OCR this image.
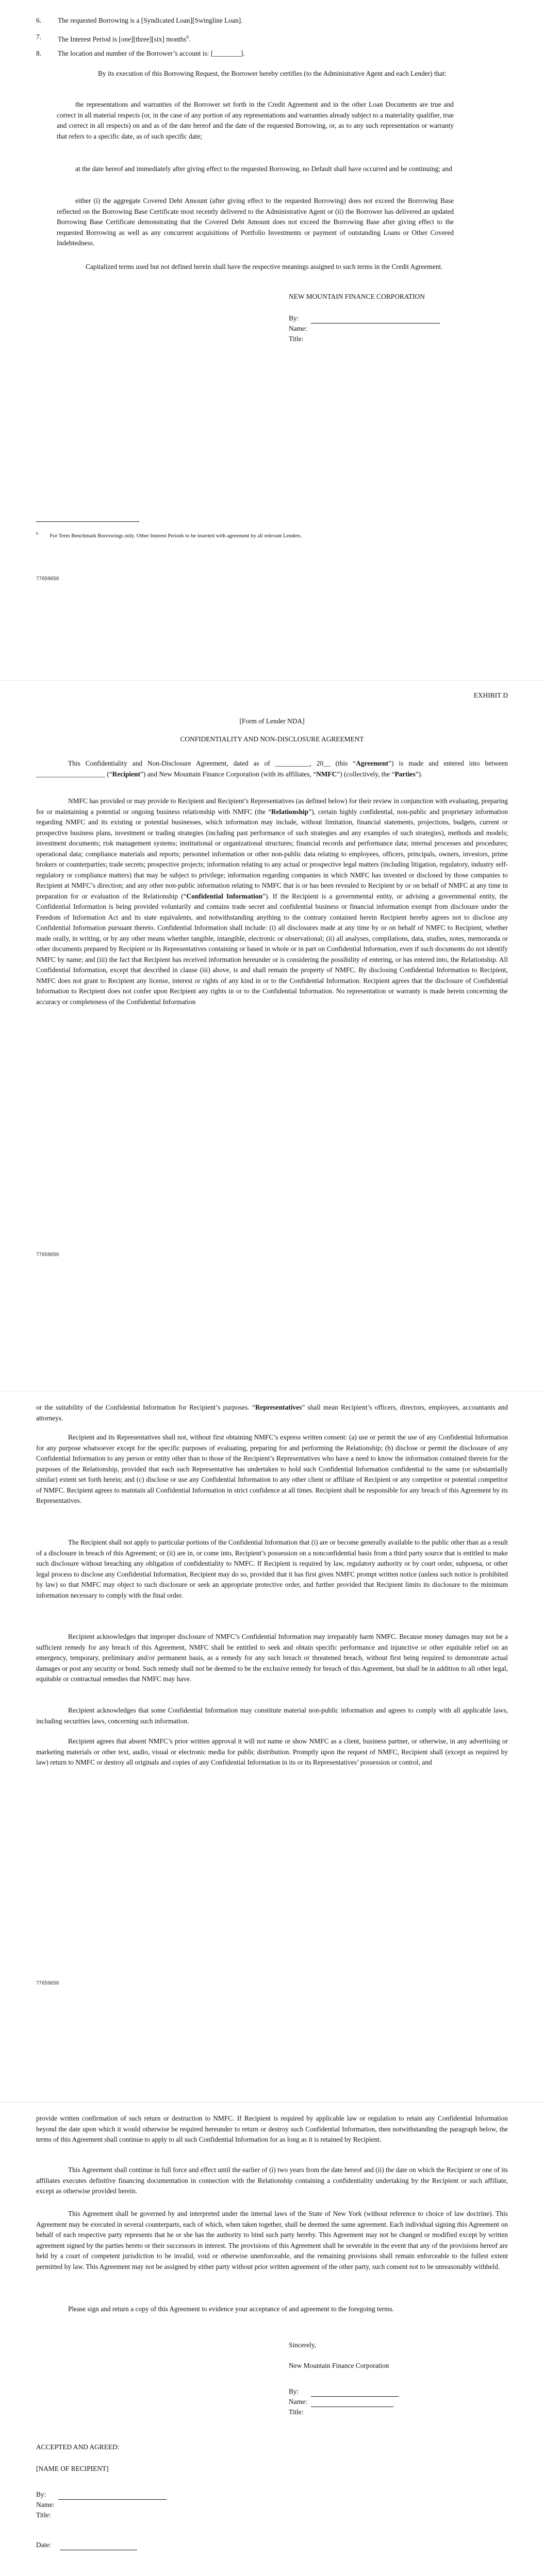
6. The requested Borrowing is a [Syndicated Loan][Swingline Loan].
7. The Interest Period is [one][three][six] months$^6$.
8. The location and number of the Borrower’s account is: [________].

By its execution of this Borrowing Request, the Borrower hereby certifies (to the Administrative Agent and each Lender) that:

the representations and warranties of the Borrower set forth in the Credit Agreement and in the other Loan Documents are true and correct in all material respects (or, in the case of any portion of any representations and warranties already subject to a materiality qualifier, true and correct in all respects) on and as of the date hereof and the date of the requested Borrowing, or, as to any such representation or warranty that refers to a specific date, as of such specific date;

at the date hereof and immediately after giving effect to the requested Borrowing, no Default shall have occurred and be continuing; and

either (i) the aggregate Covered Debt Amount (after giving effect to the requested Borrowing) does not exceed the Borrowing Base reflected on the Borrowing Base Certificate most recently delivered to the Administrative Agent or (ii) the Borrower has delivered an updated Borrowing Base Certificate demonstrating that the Covered Debt Amount does not exceed the Borrowing Base after giving effect to the requested Borrowing as well as any concurrent acquisitions of Portfolio Investments or payment of outstanding Loans or Other Covered Indebtedness.

Capitalized terms used but not defined herein shall have the respective meanings assigned to such terms in the Credit Agreement.

NEW MOUNTAIN FINANCE CORPORATION
By:
Name:
Title:
$^6$ For Term Benchmark Borrowings only. Other Interest Periods to be inserted with agreement by all relevant Lenders.
77659656
EXHIBIT D
[Form of Lender NDA]
CONFIDENTIALITY AND NON-DISCLOSURE AGREEMENT

This Confidentiality and Non-Disclosure Agreement, dated as of __________, 20__ (this “Agreement”) is made and entered into between ____________________ (“Recipient”) and New Mountain Finance Corporation (with its affiliates, “NMFC”) (collectively, the “Parties”).

NMFC has provided or may provide to Recipient and Recipient’s Representatives (as defined below) for their review in conjunction with evaluating, preparing for or maintaining a potential or ongoing business relationship with NMFC (the “Relationship”), certain highly confidential, non-public and proprietary information regarding NMFC and its existing or potential businesses, which information may include, without limitation, financial statements, projections, budgets, current or prospective business plans, investment or trading strategies (including past performance of such strategies and any examples of such strategies), methods and models; investment documents; risk management systems; institutional or organizational structures; financial records and performance data; internal processes and procedures; operational data; compliance materials and reports; personnel information or other non-public data relating to employees, officers, principals, owners, investors, prime brokers or counterparties; trade secrets; prospective projects; information relating to any actual or prospective legal matters (including litigation, regulatory, industry self-regulatory or compliance matters) that may be subject to privilege; information regarding companies in which NMFC has invested or disclosed by those companies to Recipient at NMFC’s direction; and any other non-public information relating to NMFC that is or has been revealed to Recipient by or on behalf of NMFC at any time in preparation for or evaluation of the Relationship (“Confidential Information”). If the Recipient is a governmental entity, or advising a governmental entity, the Confidential Information is being provided voluntarily and contains trade secret and confidential business or financial information exempt from disclosure under the Freedom of Information Act and its state equivalents, and notwithstanding anything to the contrary contained herein Recipient hereby agrees not to disclose any Confidential Information pursuant thereto. Confidential Information shall include: (i) all disclosures made at any time by or on behalf of NMFC to Recipient, whether made orally, in writing, or by any other means whether tangible, intangible, electronic or observational; (ii) all analyses, compilations, data, studies, notes, memoranda or other documents prepared by Recipient or its Representatives containing or based in whole or in part on Confidential Information, even if such documents do not identify NMFC by name; and (iii) the fact that Recipient has received information hereunder or is considering the possibility of entering, or has entered into, the Relationship. All Confidential Information, except that described in clause (iii) above, is and shall remain the property of NMFC. By disclosing Confidential Information to Recipient, NMFC does not grant to Recipient any license, interest or rights of any kind in or to the Confidential Information. Recipient agrees that the disclosure of Confidential Information to Recipient does not confer upon Recipient any rights in or to the Confidential Information. No representation or warranty is made herein concerning the accuracy or completeness of the Confidential Information

77659656

or the suitability of the Confidential Information for Recipient’s purposes. “Representatives” shall mean Recipient’s officers, directors, employees, accountants and attorneys.

Recipient and its Representatives shall not, without first obtaining NMFC’s express written consent: (a) use or permit the use of any Confidential Information for any purpose whatsoever except for the specific purposes of evaluating, preparing for and performing the Relationship; (b) disclose or permit the disclosure of any Confidential Information to any person or entity other than to those of the Recipient’s Representatives who have a need to know the information contained therein for the purposes of the Relationship, provided that each such Representative has undertaken to hold such Confidential Information confidential to the same (or substantially similar) extent set forth herein; and (c) disclose or use any Confidential Information to any other client or affiliate of Recipient or any competitor or potential competitor of NMFC. Recipient agrees to maintain all Confidential Information in strict confidence at all times. Recipient shall be responsible for any breach of this Agreement by its Representatives.

The Recipient shall not apply to particular portions of the Confidential Information that (i) are or become generally available to the public other than as a result of a disclosure in breach of this Agreement; or (ii) are in, or come into, Recipient’s possession on a nonconfidential basis from a third party source that is entitled to make such disclosure without breaching any obligation of confidentiality to NMFC. If Recipient is required by law, regulatory authority or by court order, subpoena, or other legal process to disclose any Confidential Information, Recipient may do so, provided that it has first given NMFC prompt written notice (unless such notice is prohibited by law) so that NMFC may object to such disclosure or seek an appropriate protective order, and further provided that Recipient limits its disclosure to the minimum information necessary to comply with the final order.

Recipient acknowledges that improper disclosure of NMFC’s Confidential Information may irreparably harm NMFC. Because money damages may not be a sufficient remedy for any breach of this Agreement, NMFC shall be entitled to seek and obtain specific performance and injunctive or other equitable relief on an emergency, temporary, preliminary and/or permanent basis, as a remedy for any such breach or threatened breach, without first being required to demonstrate actual damages or post any security or bond. Such remedy shall not be deemed to be the exclusive remedy for breach of this Agreement, but shall be in addition to all other legal, equitable or contractual remedies that NMFC may have.

Recipient acknowledges that some Confidential Information may constitute material non-public information and agrees to comply with all applicable laws, including securities laws, concerning such information.

Recipient agrees that absent NMFC’s prior written approval it will not name or show NMFC as a client, business partner, or otherwise, in any advertising or marketing materials or other text, audio, visual or electronic media for public distribution. Promptly upon the request of NMFC, Recipient shall (except as required by law) return to NMFC or destroy all originals and copies of any Confidential Information in its or its Representatives’ possession or control, and

77659656

provide written confirmation of such return or destruction to NMFC. If Recipient is required by applicable law or regulation to retain any Confidential Information beyond the date upon which it would otherwise be required hereunder to return or destroy such Confidential Information, then notwithstanding the paragraph below, the terms of this Agreement shall continue to apply to all such Confidential Information for as long as it is retained by Recipient.

This Agreement shall continue in full force and effect until the earlier of (i) two years from the date hereof and (ii) the date on which the Recipient or one of its affiliates executes definitive financing documentation in connection with the Relationship containing a confidentiality undertaking by the Recipient or such affiliate, except as otherwise provided herein.

This Agreement shall be governed by and interpreted under the internal laws of the State of New York (without reference to choice of law doctrine). This Agreement may be executed in several counterparts, each of which, when taken together, shall be deemed the same agreement. Each individual signing this Agreement on behalf of each respective party represents that he or she has the authority to bind such party hereby. This Agreement may not be changed or modified except by written agreement signed by the parties hereto or their successors in interest. The provisions of this Agreement shall be severable in the event that any of the provisions hereof are held by a court of competent jurisdiction to be invalid, void or otherwise unenforceable, and the remaining provisions shall remain enforceable to the fullest extent permitted by law. This Agreement may not be assigned by either party without prior written agreement of the other party, such consent not to be unreasonably withheld.

Please sign and return a copy of this Agreement to evidence your acceptance of and agreement to the foregoing terms.

Sincerely,
New Mountain Finance Corporation
By:
Name:
Title:
ACCEPTED AND AGREED:
[NAME OF RECIPIENT]
By:
Name:
Title:
Date:
